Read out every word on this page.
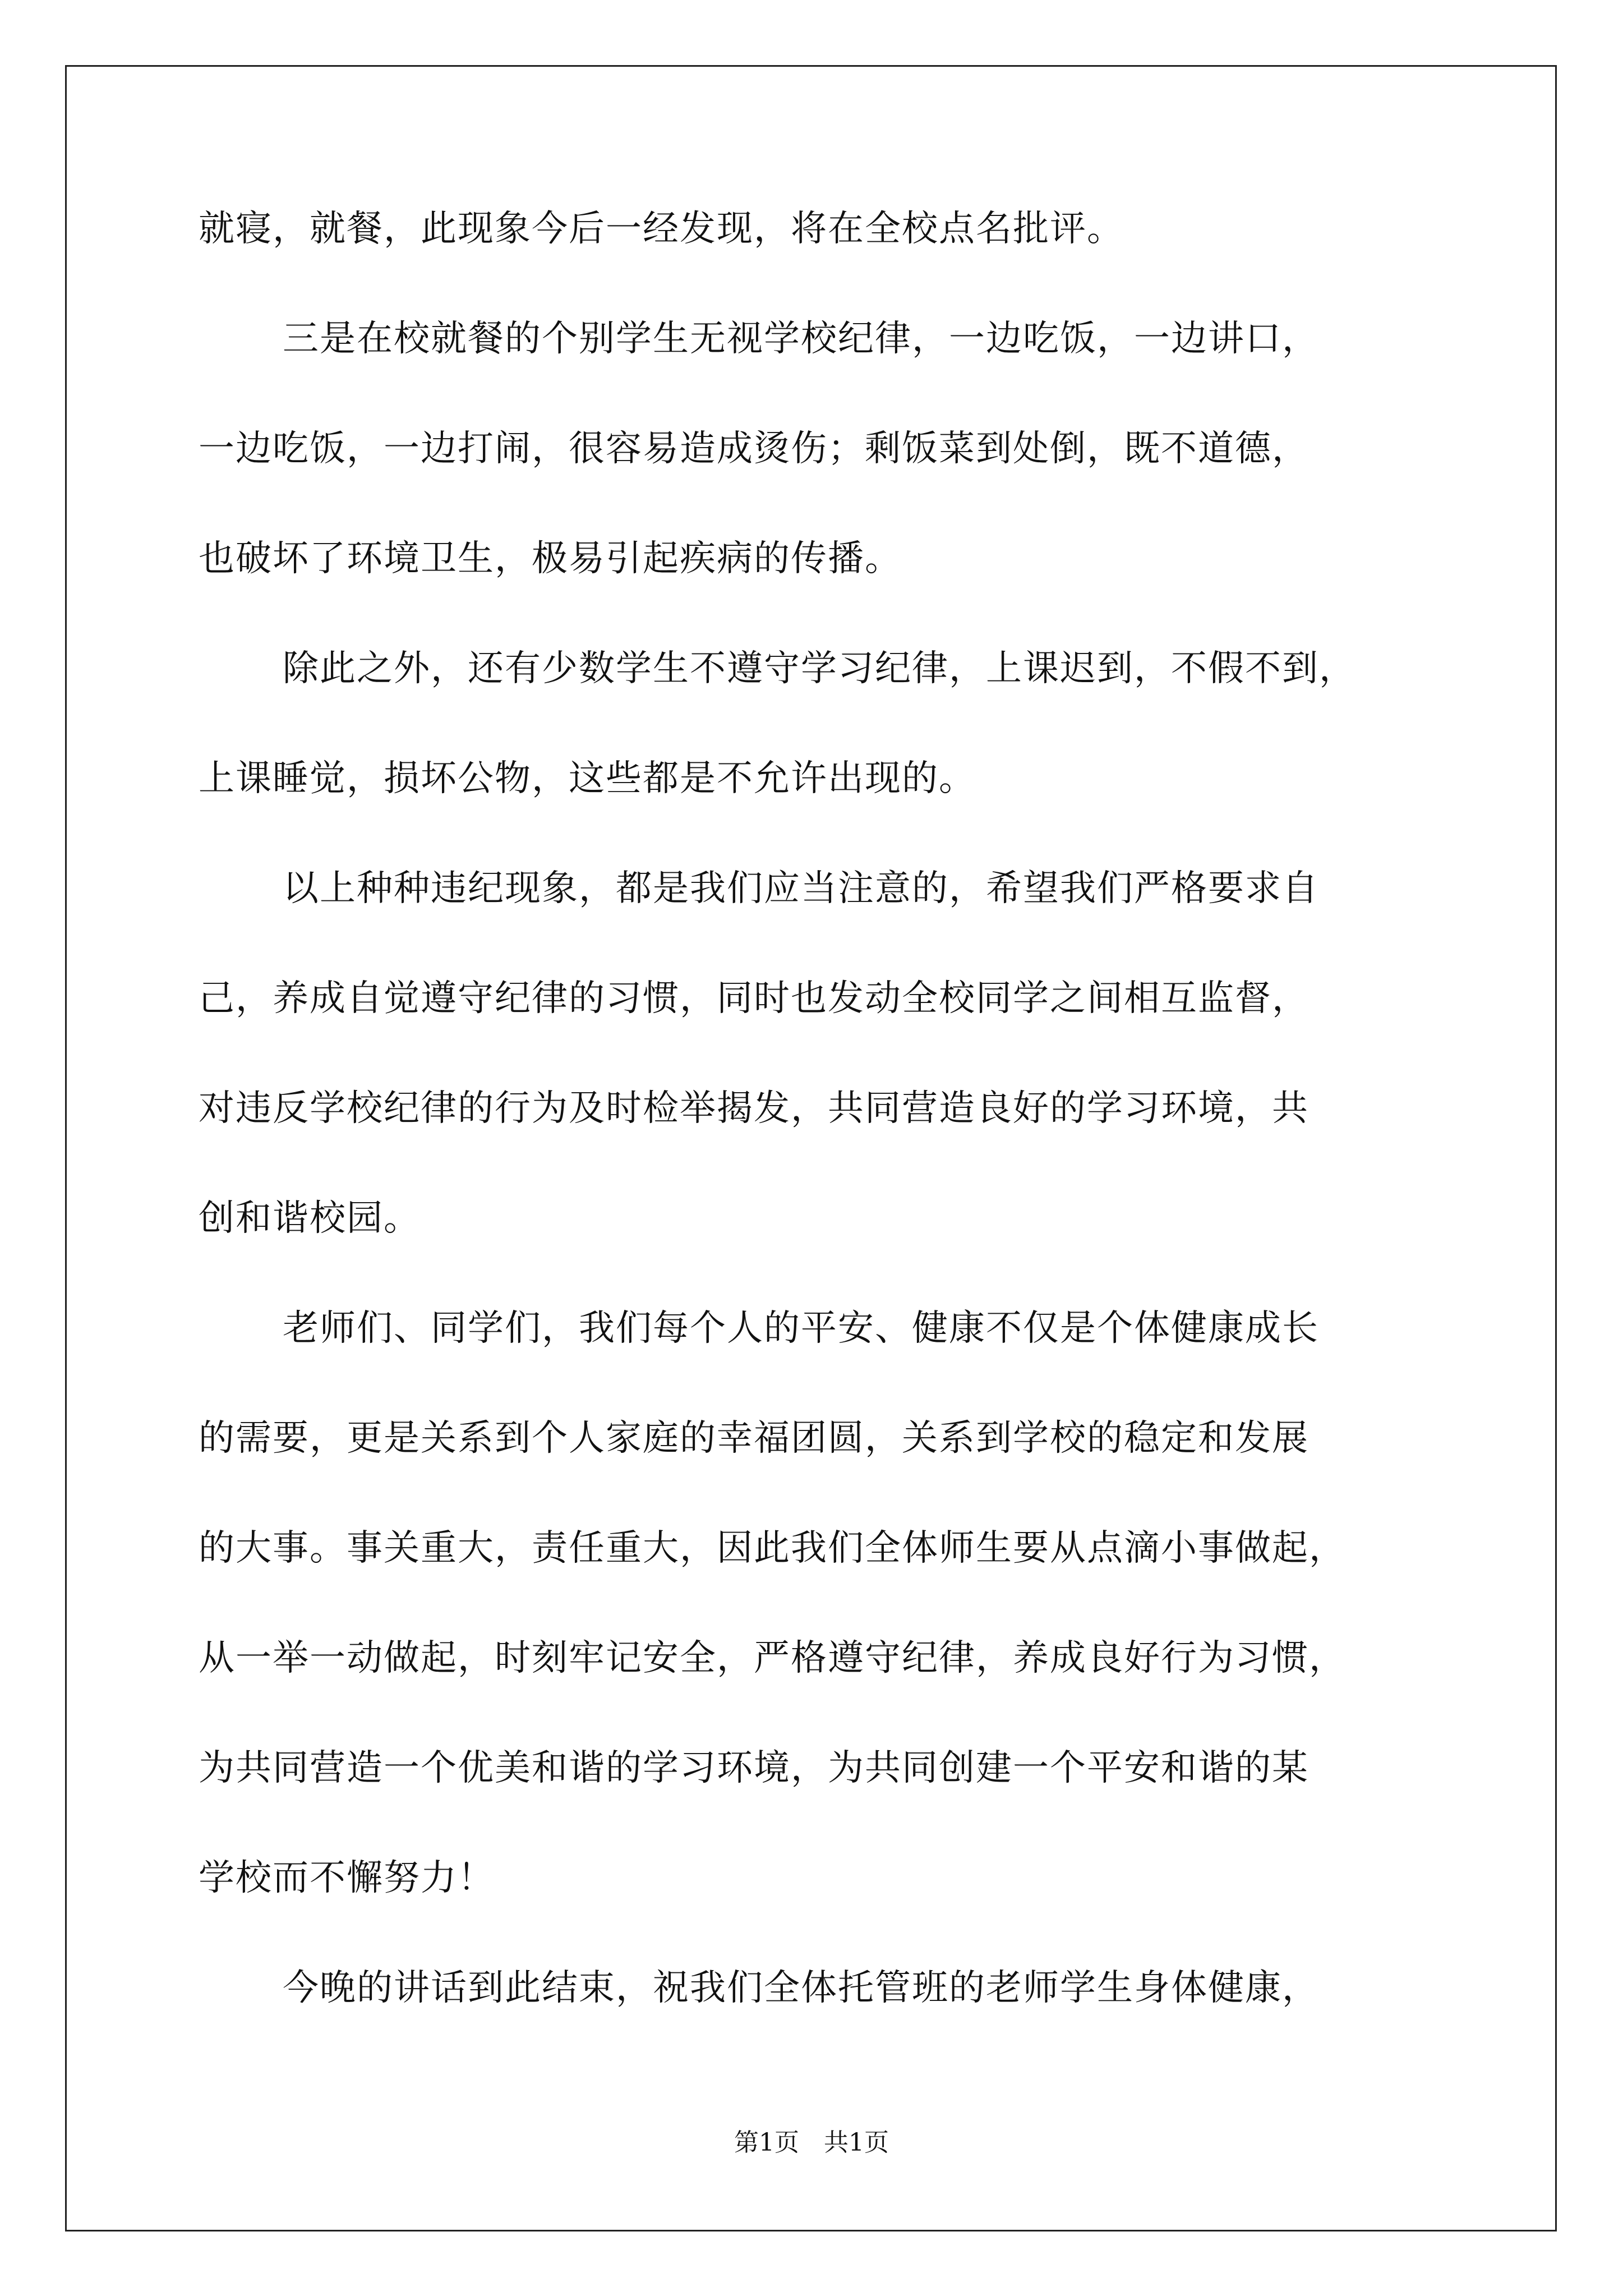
就寝，就餐，此现象今后一经发现，将在全校点名批评。
三是在校就餐的个别学生无视学校纪律，一边吃饭，一边讲口，
一边吃饭，一边打闹，很容易造成烫伤；剩饭菜到处倒，既不道德，
也破坏了环境卫生，极易引起疾病的传播。
除此之外，还有少数学生不遵守学习纪律，上课迟到，不假不到，
上课睡觉，损坏公物，这些都是不允许出现的。
以上种种违纪现象，都是我们应当注意的，希望我们严格要求自
己，养成自觉遵守纪律的习惯，同时也发动全校同学之间相互监督，
对违反学校纪律的行为及时检举揭发，共同营造良好的学习环境，共
创和谐校园。
老师们、同学们，我们每个人的平安、健康不仅是个体健康成长
的需要，更是关系到个人家庭的幸福团圆，关系到学校的稳定和发展
的大事。事关重大，责任重大，因此我们全体师生要从点滴小事做起，
从一举一动做起，时刻牢记安全，严格遵守纪律，养成良好行为习惯，
为共同营造一个优美和谐的学习环境，为共同创建一个平安和谐的某
学校而不懈努力！
今晚的讲话到此结束，祝我们全体托管班的老师学生身体健康，
第1页　共1页
